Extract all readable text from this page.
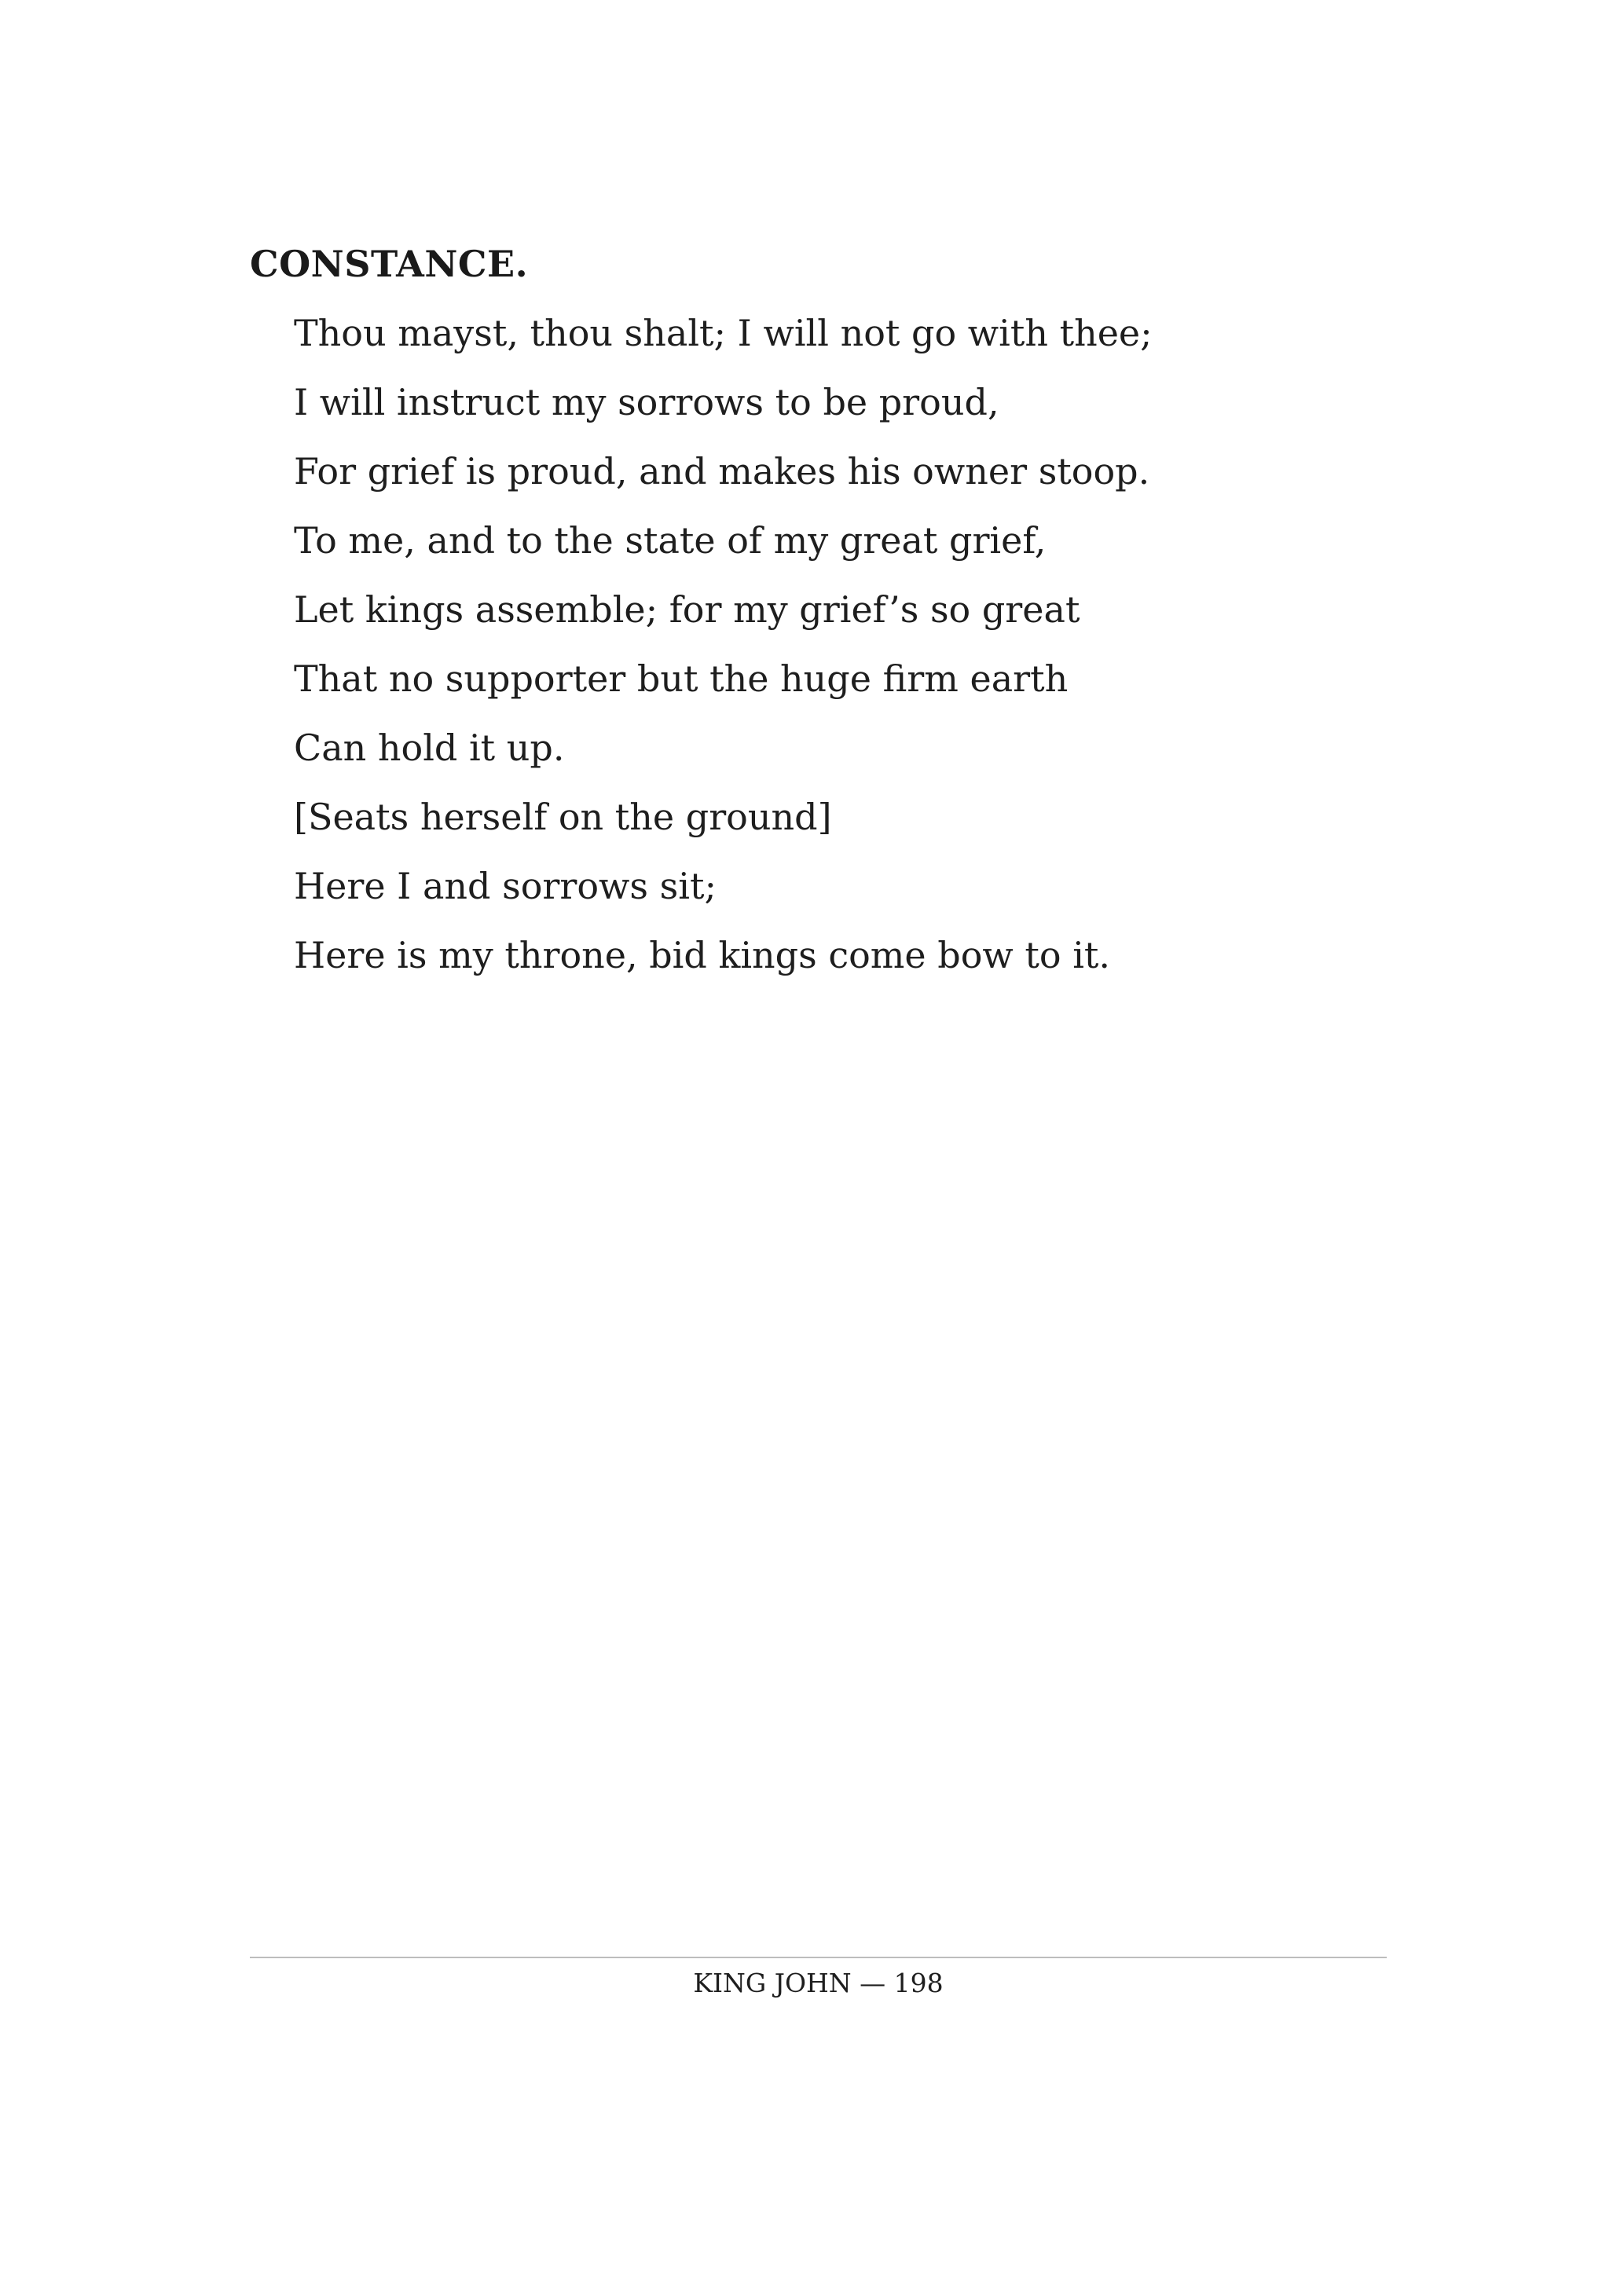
CONSTANCE.
Thou mayst, thou shalt; I will not go with thee;
I will instruct my sorrows to be proud,
For grief is proud, and makes his owner stoop.
To me, and to the state of my great grief,
Let kings assemble; for my grief’s so great
That no supporter but the huge firm earth
Can hold it up.
[Seats herself on the ground]
Here I and sorrows sit;
Here is my throne, bid kings come bow to it.
KING JOHN — 198
